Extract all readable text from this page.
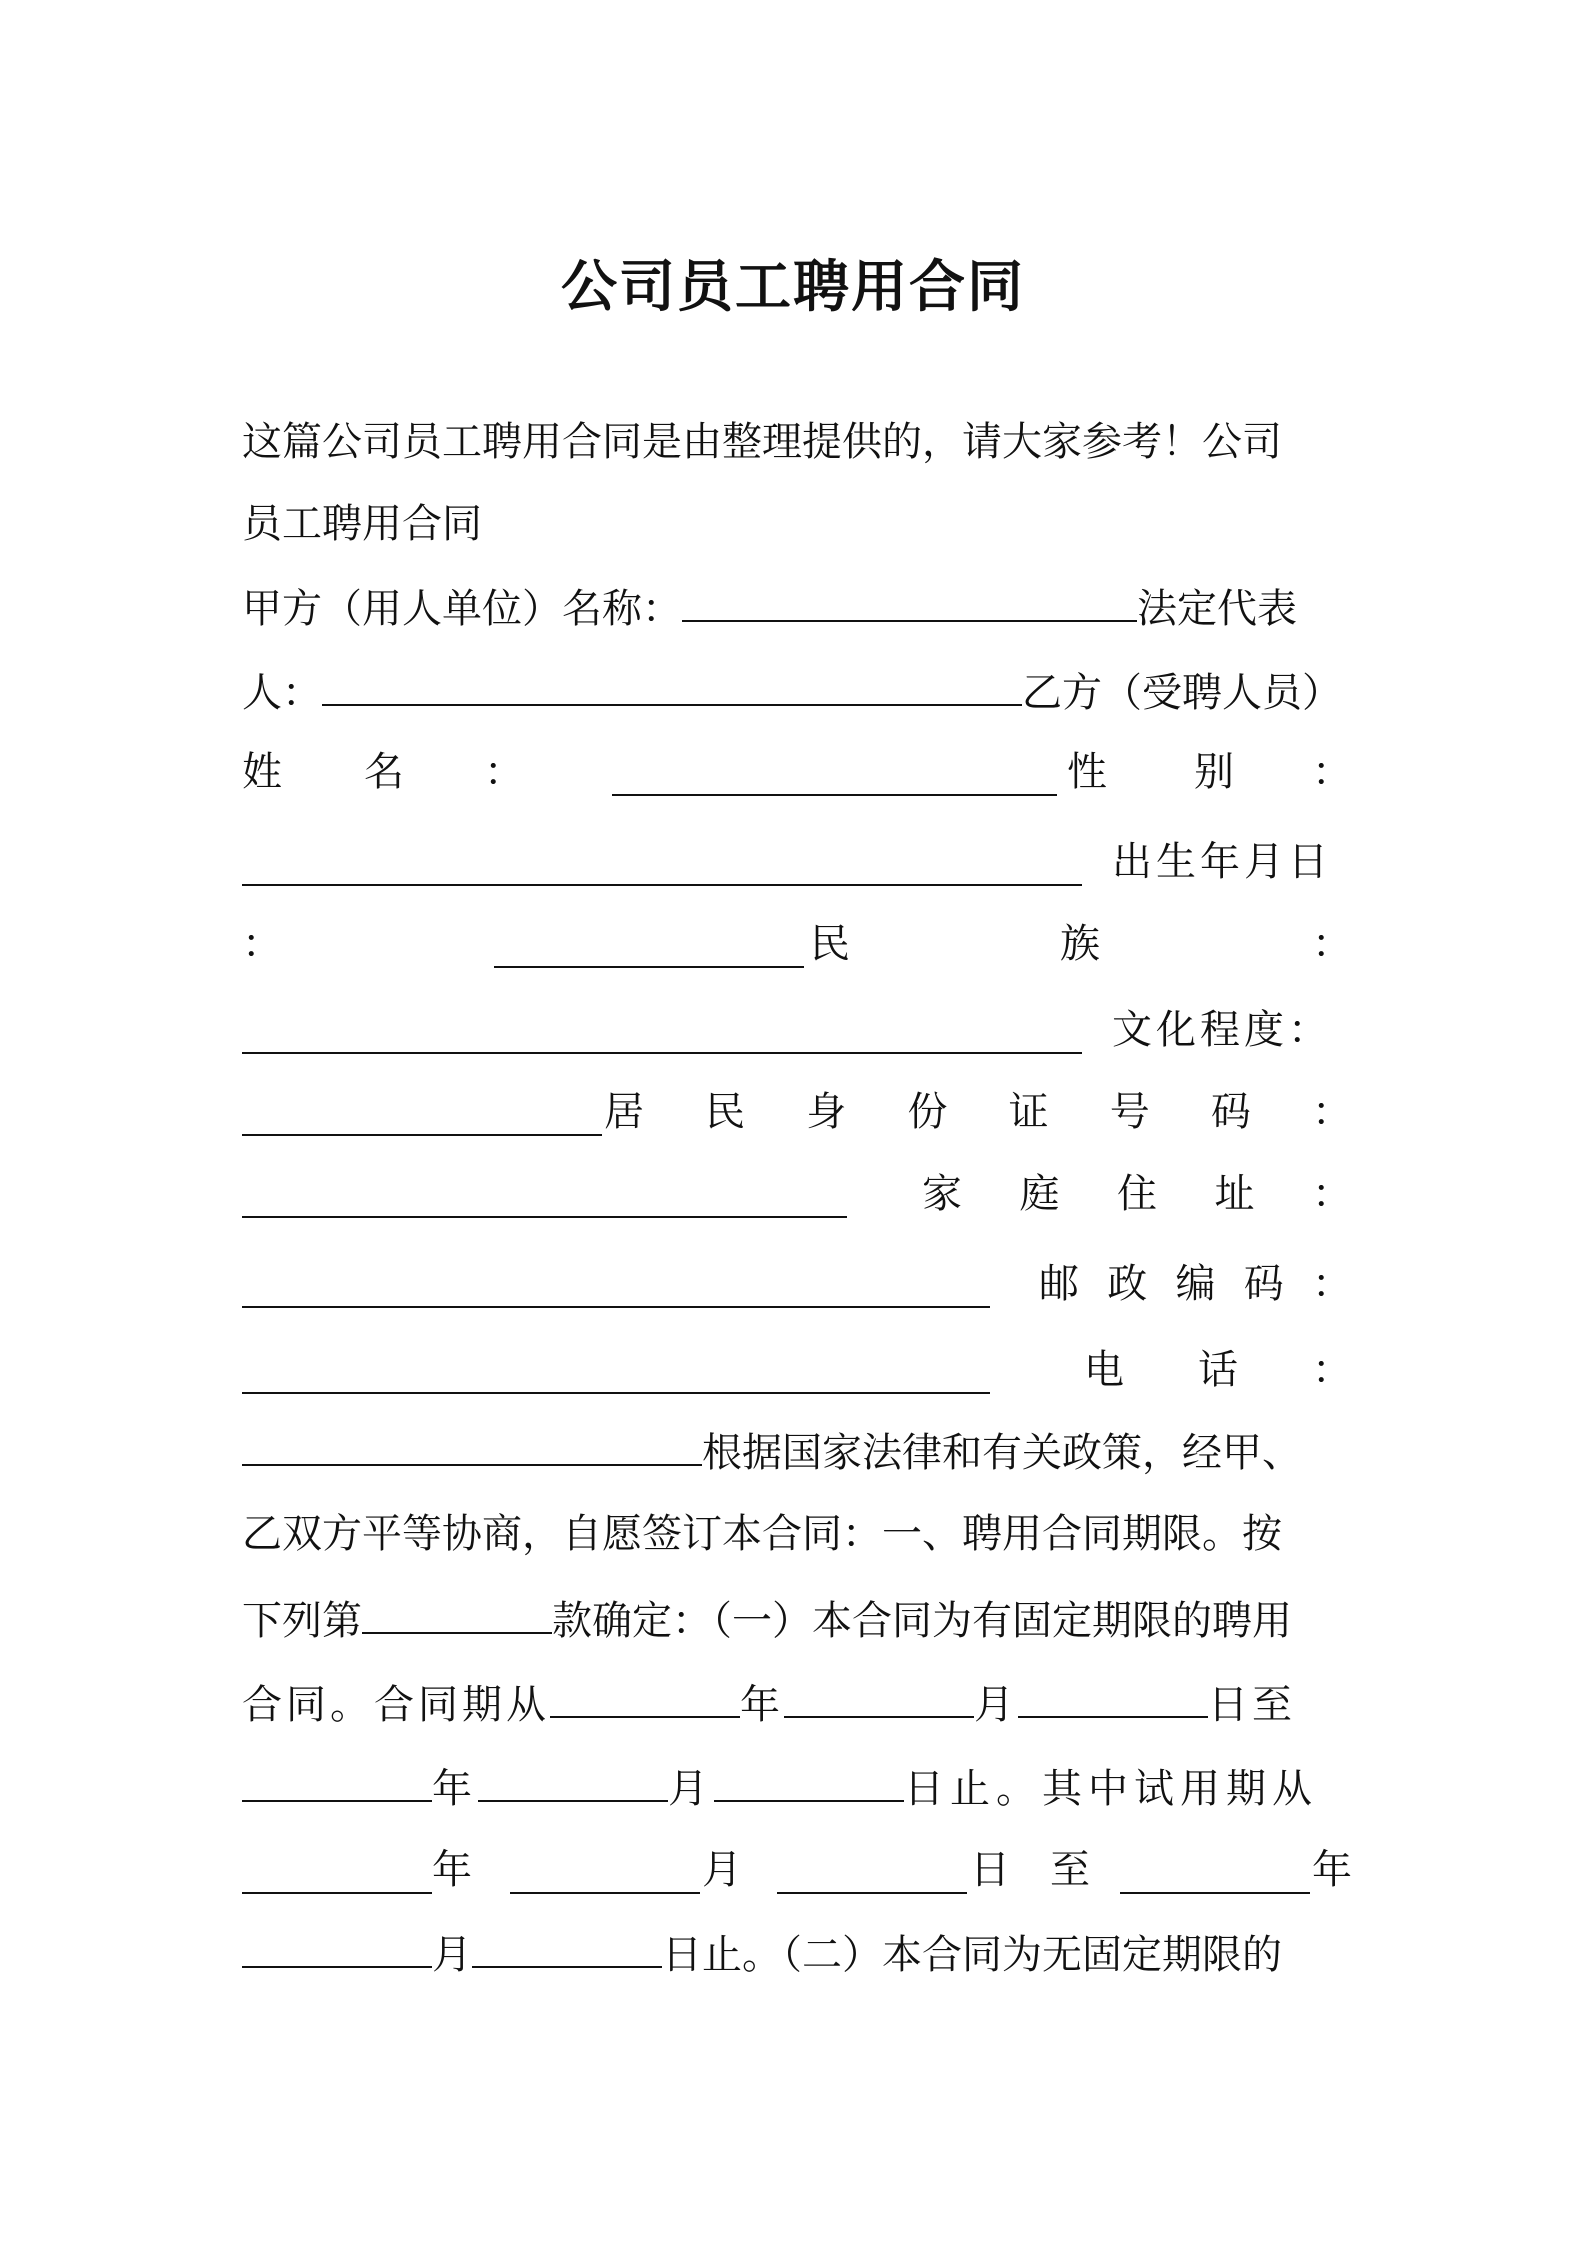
公司员工聘用合同
这篇公司员工聘用合同是由整理提供的，请大家参考！公司
员工聘用合同
甲方（用人单位）名称：	法定代表
人：	乙方（受聘人员）
姓 名 ：	性 别 ：
出生年月日
：	民	族	：
文化程度：
居 民 身 份 证 号 码 ：
家 庭 住 址 ：
邮 政 编 码 ：
电 话 ：
根据国家法律和有关政策，经甲、
乙双方平等协商，自愿签订本合同：一、聘用合同期限。按
下列第	款确定：（一）本合同为有固定期限的聘用
合同。合同期从	年	月	日至
年	月	日止。其中试用期从
年	月	日 至	年
月	日止。（二）本合同为无固定期限的
